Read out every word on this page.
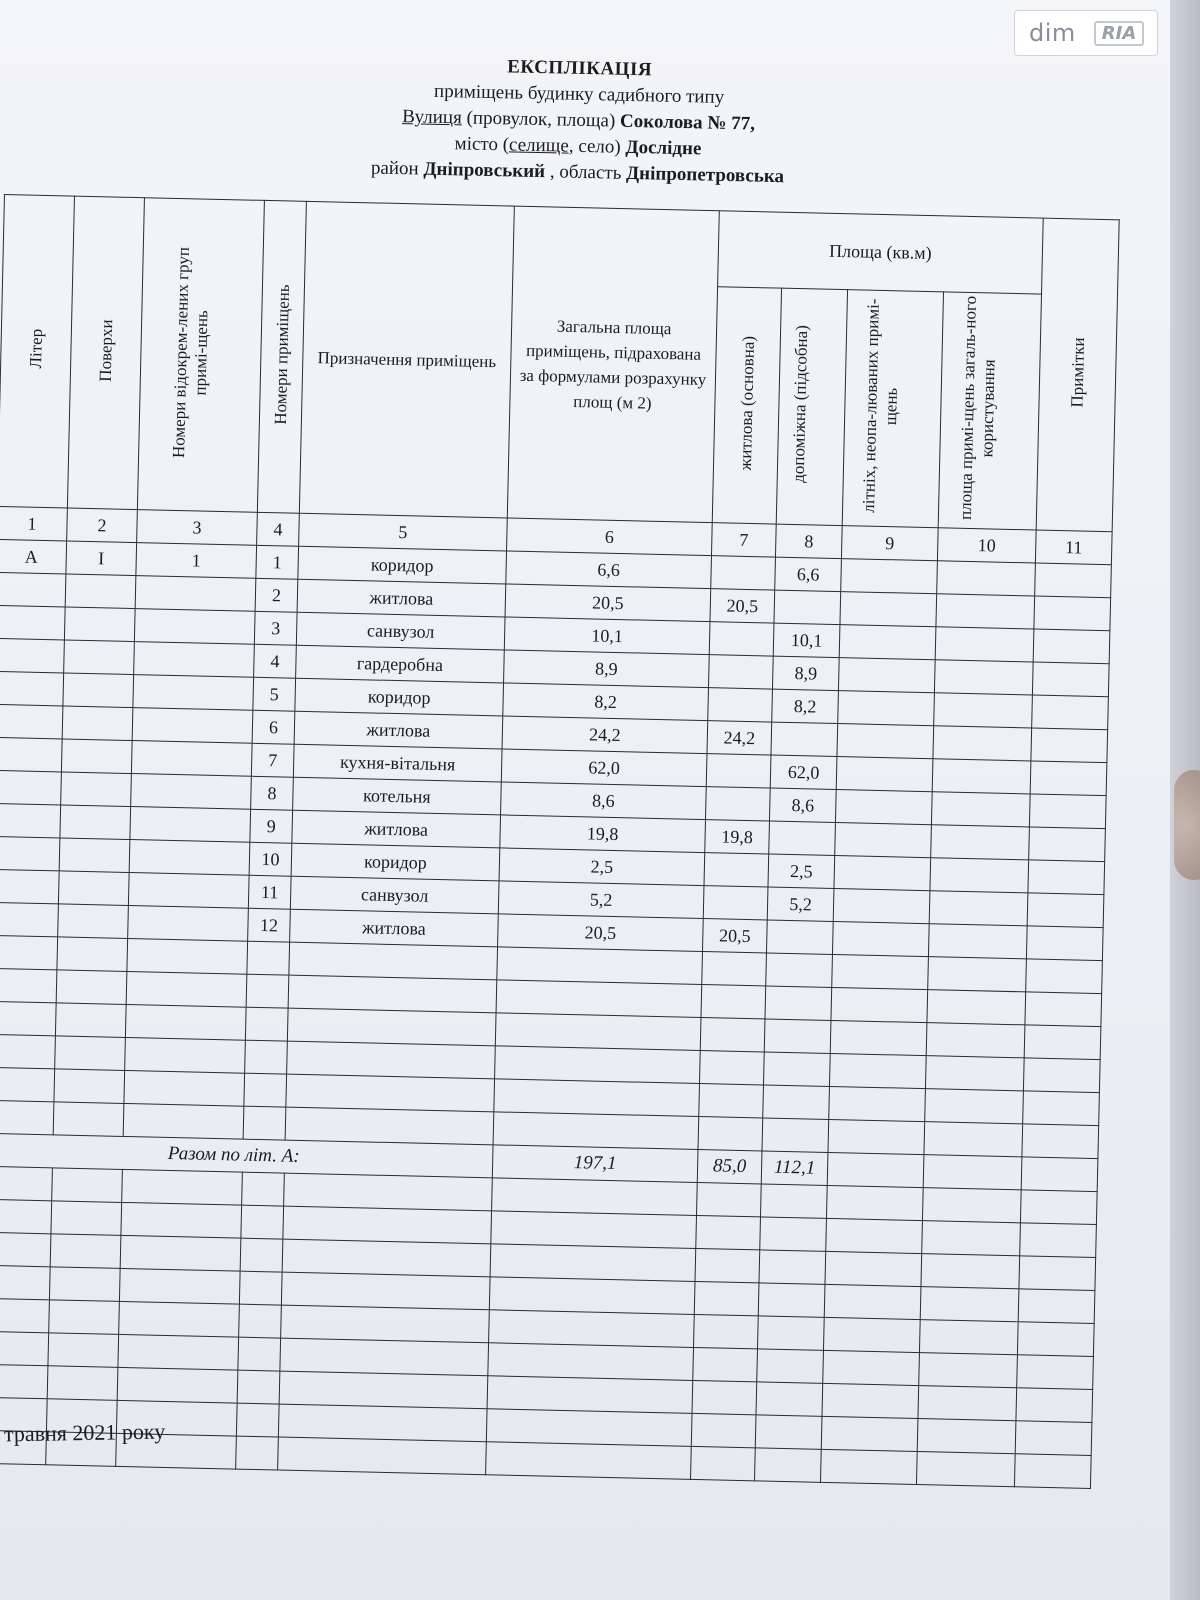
dim	RIA
ЕКСПЛІКАЦІЯ
приміщень будинку садибного типу
Вулиця (провулок, площа) Соколова № 77,
місто (селище, село) Дослідне
район Дніпровський , область Дніпропетровська
Літер	Поверхи	Номери відокрем-лених груп примі-щень	Номери приміщень	Призначення приміщень	Загальна площа приміщень, підрахована за формулами розрахунку площ (м 2)	Площа (кв.м)				Примітки
						житлова (основна)	допоміжна (підсобна)	літніх, неопа-люваних примі-щень	площа примі-щень загаль-ного користування	
1	2	3	4	5	6	7	8	9	10	11
А	I	1	1	коридор	6,6		6,6			
			2	житлова	20,5	20,5				
			3	санвузол	10,1		10,1			
			4	гардеробна	8,9		8,9			
			5	коридор	8,2		8,2			
			6	житлова	24,2	24,2				
			7	кухня-вітальня	62,0		62,0			
			8	котельня	8,6		8,6			
			9	житлова	19,8	19,8				
			10	коридор	2,5		2,5			
			11	санвузол	5,2		5,2			
			12	житлова	20,5	20,5				

Разом по літ. А:					197,1	85,0	112,1			

травня 2021 року
